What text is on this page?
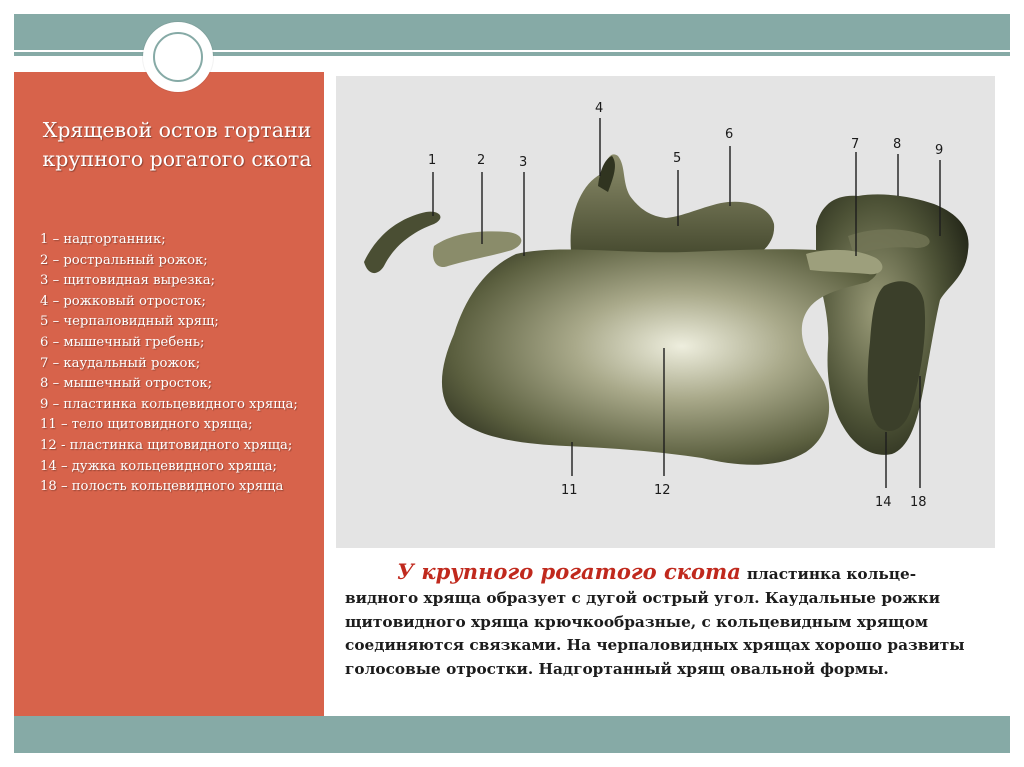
Хрящевой остов гортани крупного рогатого скота
1 – надгортанник;
2 – ростральный рожок;
3 – щитовидная вырезка;
4 – рожковый отросток;
5 – черпаловидный хрящ;
6 – мышечный гребень;
7 – каудальный рожок;
8 – мышечный отросток;
9 – пластинка кольцевидного хряща;
11 – тело щитовидного хряща;
12 - пластинка щитовидного хряща;
14 – дужка кольцевидного хряща;
18 – полость кольцевидного хряща
1	2	3
4
5
6
7	8	9
11	12
14 18
У крупного рогатого скота пластинка кольце-видного хряща образует с дугой острый угол. Каудальные рожки щитовидного хряща крючкообразные, с кольцевидным хрящом соединяются связками. На черпаловидных хрящах хорошо развиты голосовые отростки. Надгортанный хрящ овальной формы.
